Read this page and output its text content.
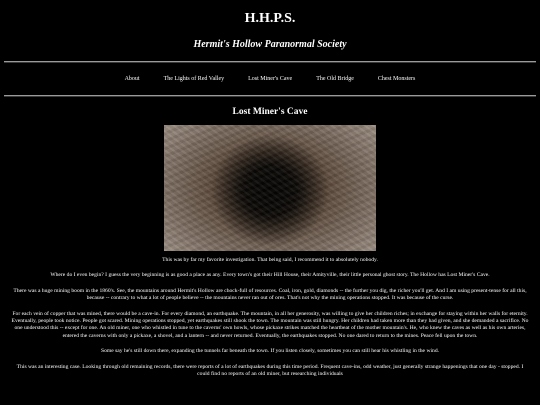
H.H.P.S.
Hermit's Hollow Paranormal Society
About	The Lights of Red Valley	Lost Miner's Cave	The Old Bridge	Chest Monsters
Lost Miner's Cave

This was by far my favorite investigation. That being said, I recommend it to absolutely nobody.

Where do I even begin? I guess the very beginning is as good a place as any. Every town's got their Hill House, their Amityville, their little personal ghost story. The Hollow has Lost Miner's Cave.

There was a huge mining boom in the 1860's. See, the mountains around Hermit's Hollow are chock-full of resources. Coal, iron, gold, diamonds -- the further you dig, the richer you'll get. And I am using present-tense for all this, because -- contrary to what a lot of people believe -- the mountains never ran out of ores. That's not why the mining operations stopped. It was because of the curse.

For each vein of copper that was mined, there would be a cave-in. For every diamond, an earthquake. The mountain, in all her generosity, was willing to give her children riches; in exchange for staying within her walls for eternity. Eventually, people took notice. People got scared. Mining operations stopped, yet earthquakes still shook the town. The mountain was still hungry. Her children had taken more than they had given, and she demanded a sacrifice. No one understood this -- except for one. An old miner, one who whistled in tune to the caverns' own howls, whose pickaxe strikes matched the heartbeat of the mother mountain's. He, who knew the caves as well as his own arteries, entered the caverns with only a pickaxe, a shovel, and a lantern -- and never returned. Eventually, the earthquakes stopped. No one dared to return to the mines. Peace fell upon the town.

Some say he's still down there, expanding the tunnels far beneath the town. If you listen closely, sometimes you can still hear his whistling in the wind.

This was an interesting case. Looking through old remaining records, there were reports of a lot of earthquakes during this time period. Frequent cave-ins, odd weather, just generally strange happenings that one day - stopped. I could find no reports of an old miner, but researching individuals
